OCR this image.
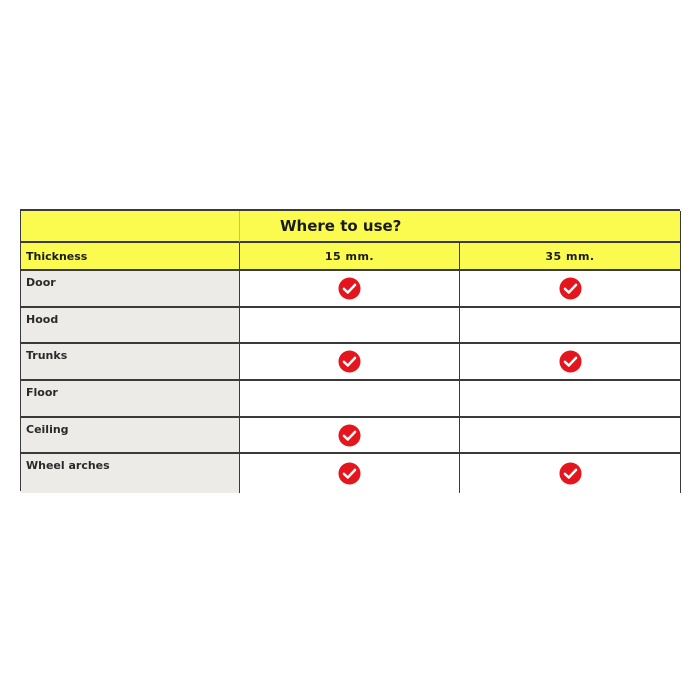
Where to use?
Thickness	15 mm.	35 mm.
Door
Hood
Trunks
Floor
Ceiling
Wheel arches
